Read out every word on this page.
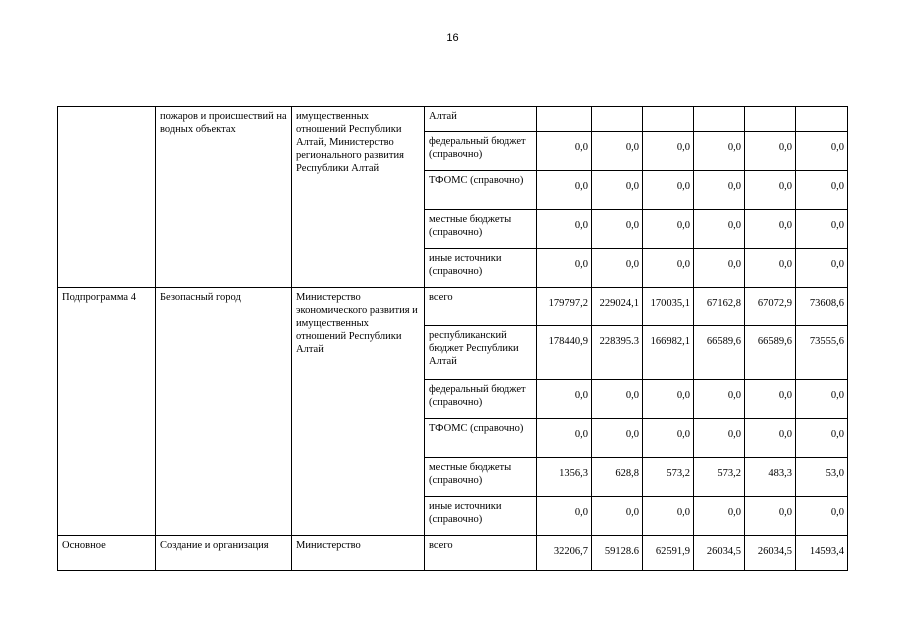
16
	пожаров и происшествий на водных объектах	имущественных отношений Республики Алтай, Министерство регионального развития Республики Алтай	Алтай						
			федеральный бюджет (справочно)	0,0	0,0	0,0	0,0	0,0	0,0
			ТФОМС (справочно)	0,0	0,0	0,0	0,0	0,0	0,0
			местные бюджеты (справочно)	0,0	0,0	0,0	0,0	0,0	0,0
			иные источники (справочно)	0,0	0,0	0,0	0,0	0,0	0,0
Подпрограмма 4	Безопасный город	Министерство экономического развития и имущественных отношений Республики Алтай	всего	179797,2	229024,1	170035,1	67162,8	67072,9	73608,6
			республиканский бюджет Республики Алтай	178440,9	228395.3	166982,1	66589,6	66589,6	73555,6
			федеральный бюджет (справочно)	0,0	0,0	0,0	0,0	0,0	0,0
			ТФОМС (справочно)	0,0	0,0	0,0	0,0	0,0	0,0
			местные бюджеты (справочно)	1356,3	628,8	573,2	573,2	483,3	53,0
			иные источники (справочно)	0,0	0,0	0,0	0,0	0,0	0,0
Основное	Создание и организация	Министерство	всего	32206,7	59128.6	62591,9	26034,5	26034,5	14593,4
